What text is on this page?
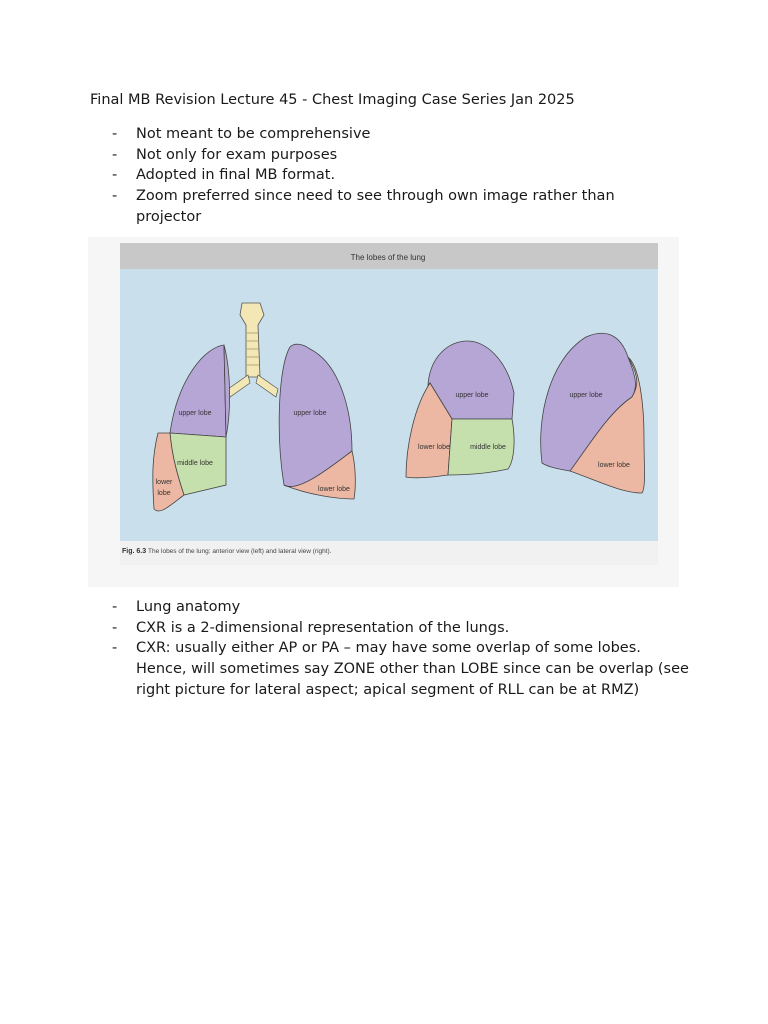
Final MB Revision Lecture 45 - Chest Imaging Case Series Jan 2025
- Not meant to be comprehensive
- Not only for exam purposes
- Adopted in final MB format.
- Zoom preferred since need to see through own image rather than projector
The lobes of the lung
Fig. 6.3 The lobes of the lung: anterior view (left) and lateral view (right).
upper lobe
middle lobe
lower
lobe
upper lobe
lower lobe
upper lobe
lower lobe	middle lobe
upper lobe
lower lobe
- Lung anatomy
- CXR is a 2-dimensional representation of the lungs.
- CXR: usually either AP or PA – may have some overlap of some lobes. Hence, will sometimes say ZONE other than LOBE since can be overlap (see right picture for lateral aspect; apical segment of RLL can be at RMZ)
